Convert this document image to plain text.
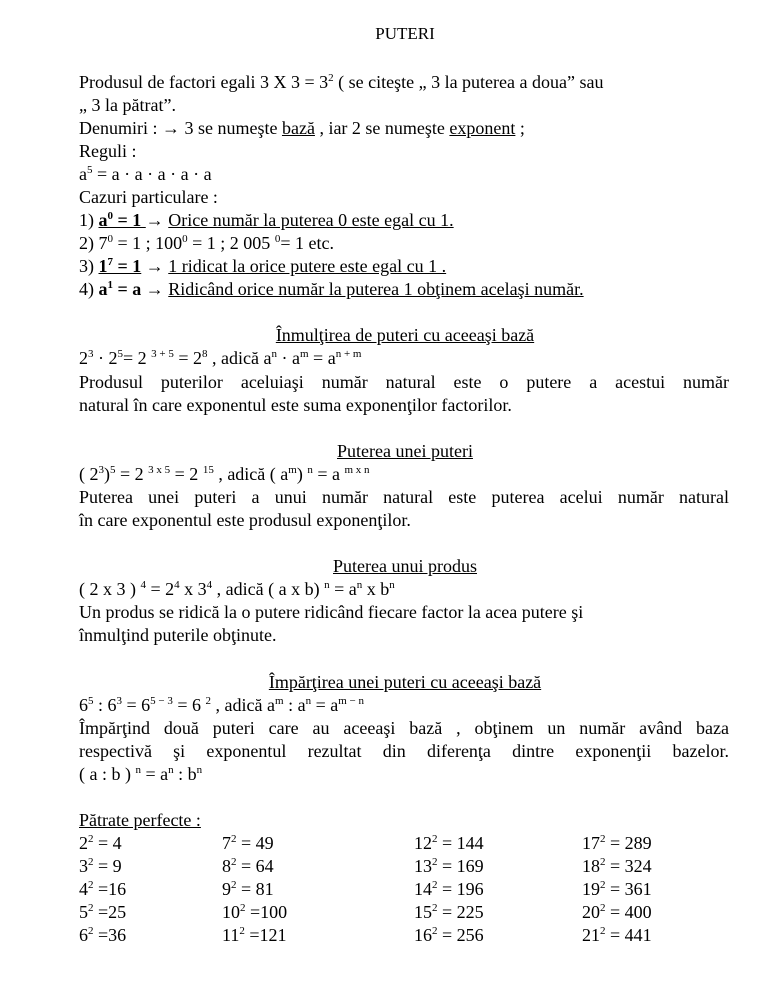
PUTERI
Produsul de factori egali 3 X $3 = 3^2$ ( se citeşte „ 3 la puterea a doua” sau
„ 3 la pătrat”.
Denumiri : → 3 se numeşte bază , iar 2 se numeşte exponent ;
Reguli :
$a^5 = a \cdot a \cdot a \cdot a \cdot a$
Cazuri particulare :
1) $a^0 = 1$ → Orice număr la puterea 0 este egal cu 1.
2) $7^0 = 1$ ; $100^0 = 1$ ; 2 005 $^0$= 1 etc.
3) $1^7 = 1 \to 1$ ridicat la orice putere este egal cu 1 .
4) $a^1 = a$ → Ridicând orice număr la puterea 1 obţinem acelaşi număr.
Înmulţirea de puteri cu aceeaşi bază
$2^3 \cdot 2^5= 2$ $^{3 + 5} = 2^8$ , adică $a^n \cdot a^m = a^{n + m}$
Produsul puterilor aceluiaşi număr natural este o putere a acestui număr
natural în care exponentul este suma exponenţilor factorilor.
Puterea unei puteri
( $2^3)^5 = 2$ $^{3 x 5}$ = 2 $^{15}$ , adică ( $a^m$) $^n$ = a $^{m x n}$
Puterea unei puteri a unui număr natural este puterea acelui număr natural
în care exponentul este produsul exponenţilor.
Puterea unui produs
( 2 x 3 ) $^4 = 2^4$ x $3^4$ , adică ( a x b) $^n = a^n$ x $b^n$
Un produs se ridică la o putere ridicând fiecare factor la acea putere şi
înmulţind puterile obţinute.
Împărţirea unei puteri cu aceeaşi bază
$6^5$ : $6^3 = 6^{5 - 3} = 6$ $^2$ , adică $a^m$ : $a^n = a^{m - n}$
Împărţind două puteri care au aceeaşi bază , obţinem un număr având baza
respectivă şi exponentul rezultat din diferenţa dintre exponenţii bazelor.
( a : b ) $^n = a^n$ : $b^n$
Pătrate perfecte :
$2^2 = 4$
$3^2 = 9$
$4^2 =16$
$5^2 =25$
$6^2 =36$
$7^2 = 49$
$8^2 = 64$
$9^2 = 81$
$10^2 =100$
$11^2 =121$
$12^2 = 144$
$13^2 = 169$
$14^2 = 196$
$15^2 = 225$
$16^2 = 256$
$17^2 = 289$
$18^2 = 324$
$19^2 = 361$
$20^2 = 400$
$21^2 = 441$
